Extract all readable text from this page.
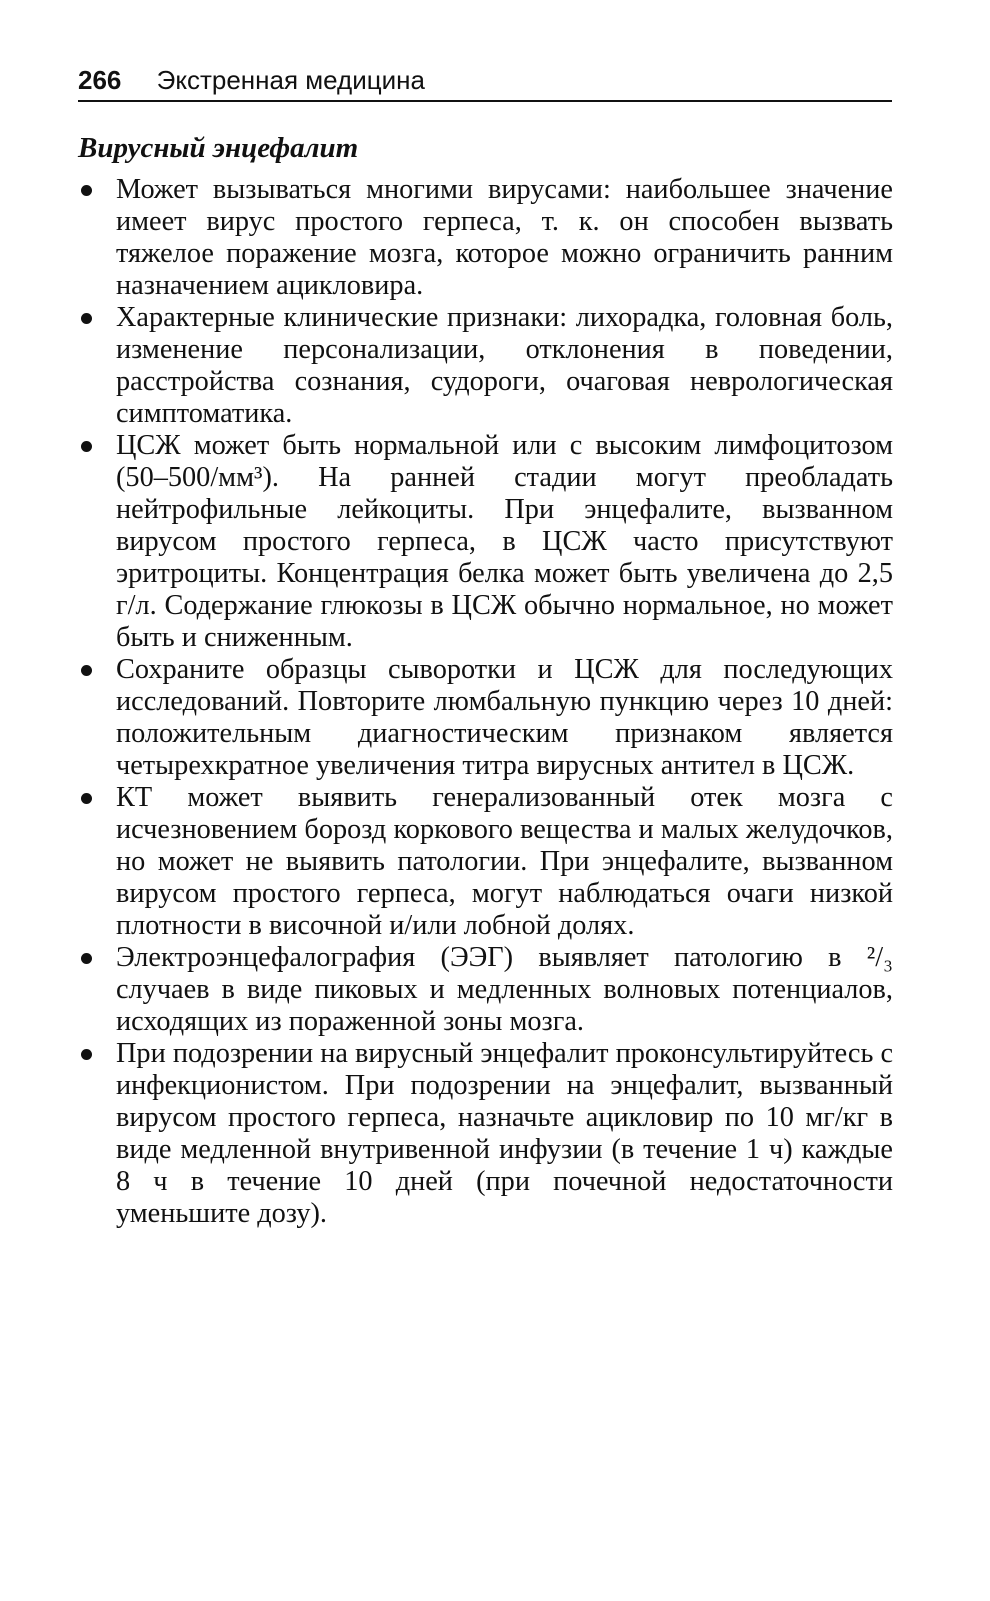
266 Экстренная медицина
Вирусный энцефалит
Может вызываться многими вирусами: наибольшее значение имеет вирус простого герпеса, т. к. он способен вызвать тяжелое поражение мозга, которое можно ограничить ранним назначением ацикловира.
Характерные клинические признаки: лихорадка, головная боль, изменение персонализации, отклонения в поведении, расстройства сознания, судороги, очаговая неврологическая симптоматика.
ЦСЖ может быть нормальной или с высоким лимфоцитозом (50–500/мм³). На ранней стадии могут преобладать нейтрофильные лейкоциты. При энцефалите, вызванном вирусом простого герпеса, в ЦСЖ часто присутствуют эритроциты. Концентрация белка может быть увеличена до 2,5 г/л. Содержание глюкозы в ЦСЖ обычно нормальное, но может быть и сниженным.
Сохраните образцы сыворотки и ЦСЖ для последующих исследований. Повторите люмбальную пункцию через 10 дней: положительным диагностическим признаком является четырехкратное увеличения титра вирусных антител в ЦСЖ.
КТ может выявить генерализованный отек мозга с исчезновением борозд коркового вещества и малых желудочков, но может не выявить патологии. При энцефалите, вызванном вирусом простого герпеса, могут наблюдаться очаги низкой плотности в височной и/или лобной долях.
Электроэнцефалография (ЭЭГ) выявляет патологию в ²/₃ случаев в виде пиковых и медленных волновых потенциалов, исходящих из пораженной зоны мозга.
При подозрении на вирусный энцефалит проконсультируйтесь с инфекционистом. При подозрении на энцефалит, вызванный вирусом простого герпеса, назначьте ацикловир по 10 мг/кг в виде медленной внутривенной инфузии (в течение 1 ч) каждые 8 ч в течение 10 дней (при почечной недостаточности уменьшите дозу).
